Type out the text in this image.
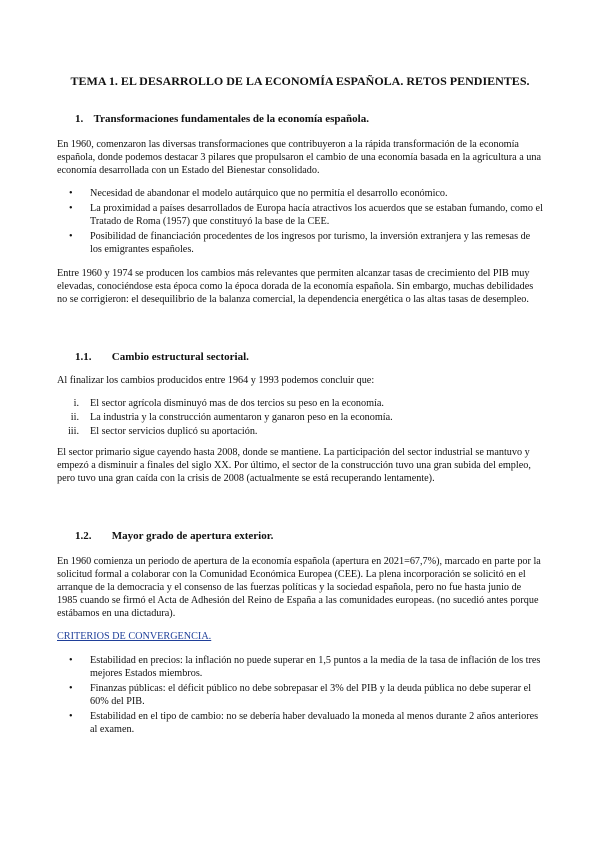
TEMA 1. EL DESARROLLO DE LA ECONOMÍA ESPAÑOLA. RETOS PENDIENTES.
1. Transformaciones fundamentales de la economía española.
En 1960, comenzaron las diversas transformaciones que contribuyeron a la rápida transformación de la economía española, donde podemos destacar 3 pilares que propulsaron el cambio de una economía basada en la agricultura a una economía desarrollada con un Estado del Bienestar consolidado.
• Necesidad de abandonar el modelo autárquico que no permitía el desarrollo económico.
• La proximidad a países desarrollados de Europa hacía atractivos los acuerdos que se estaban fumando, como el Tratado de Roma (1957) que constituyó la base de la CEE.
• Posibilidad de financiación procedentes de los ingresos por turismo, la inversión extranjera y las remesas de los emigrantes españoles.
Entre 1960 y 1974 se producen los cambios más relevantes que permiten alcanzar tasas de crecimiento del PIB muy elevadas, conociéndose esta época como la época dorada de la economía española. Sin embargo, muchas debilidades no se corrigieron: el desequilibrio de la balanza comercial, la dependencia energética o las altas tasas de desempleo.
1.1. Cambio estructural sectorial.
Al finalizar los cambios producidos entre 1964 y 1993 podemos concluir que:
i. El sector agrícola disminuyó mas de dos tercios su peso en la economía.
ii. La industria y la construcción aumentaron y ganaron peso en la economía.
iii. El sector servicios duplicó su aportación.
El sector primario sigue cayendo hasta 2008, donde se mantiene. La participación del sector industrial se mantuvo y empezó a disminuir a finales del siglo XX. Por último, el sector de la construcción tuvo una gran subida del empleo, pero tuvo una gran caída con la crisis de 2008 (actualmente se está recuperando lentamente).
1.2. Mayor grado de apertura exterior.
En 1960 comienza un periodo de apertura de la economía española (apertura en 2021=67,7%), marcado en parte por la solicitud formal a colaborar con la Comunidad Económica Europea (CEE). La plena incorporación se solicitó en el arranque de la democracia y el consenso de las fuerzas políticas y la sociedad española, pero no fue hasta junio de 1985 cuando se firmó el Acta de Adhesión del Reino de España a las comunidades europeas. (no sucedió antes porque estábamos en una dictadura).
CRITERIOS DE CONVERGENCIA.
• Estabilidad en precios: la inflación no puede superar en 1,5 puntos a la media de la tasa de inflación de los tres mejores Estados miembros.
• Finanzas públicas: el déficit público no debe sobrepasar el 3% del PIB y la deuda pública no debe superar el 60% del PIB.
• Estabilidad en el tipo de cambio: no se debería haber devaluado la moneda al menos durante 2 años anteriores al examen.
